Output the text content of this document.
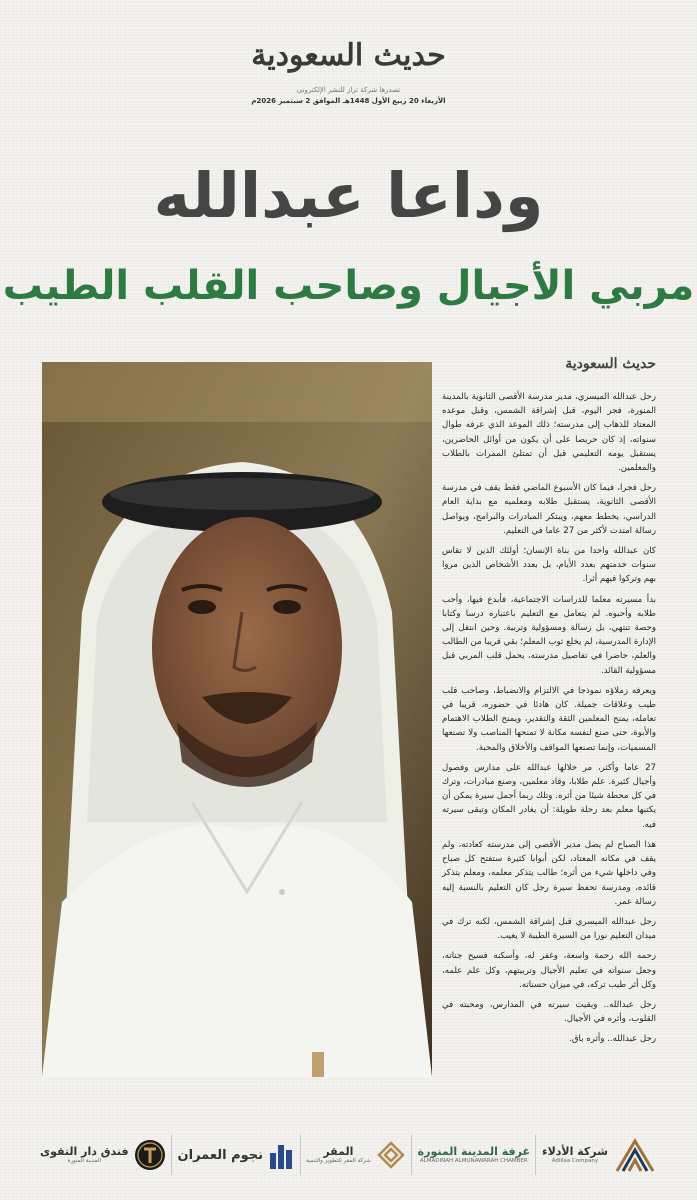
حديث السعودية
تصدرها شركة تراز للنشر الإلكتروني
الأربعاء 20 ربيع الأول 1448هـ الموافق 2 سبتمبر 2026م
وداعا عبدالله
مربي الأجيال وصاحب القلب الطيب
حديث السعودية

رحل عبدالله الميسري، مدير مدرسة الأقصى الثانوية بالمدينة المنورة، فجر اليوم، قبل إشراقة الشمس، وقبل موعده المعتاد للذهاب إلى مدرسته؛ ذلك الموعد الذي عرفه طوال سنواته، إذ كان حريصا على أن يكون من أوائل الحاضرين، يستقبل يومه التعليمي قبل أن تمتلئ الممرات بالطلاب والمعلمين.

رحل فجرا، فيما كان الأسبوع الماضي فقط يقف في مدرسة الأقصى الثانوية، يستقبل طلابه ومعلميه مع بداية العام الدراسي، يخطط معهم، ويبتكر المبادرات والبرامج، ويواصل رسالة امتدت لأكثر من 27 عاما في التعليم.

كان عبدالله واحدا من بناة الإنسان؛ أولئك الذين لا تقاس سنوات خدمتهم بعدد الأيام، بل بعدد الأشخاص الذين مروا بهم وتركوا فيهم أثرا.

بدأ مسيرته معلما للدراسات الاجتماعية، فأبدع فيها، وأحب طلابه وأحبوه. لم يتعامل مع التعليم باعتباره درسا وكتابا وحصة تنتهي، بل رسالة ومسؤولية وتربية. وحين انتقل إلى الإدارة المدرسية، لم يخلع ثوب المعلم؛ بقي قريبا من الطالب والعلم، حاضرا في تفاصيل مدرسته، يحمل قلب المربي قبل مسؤولية القائد.

ويعرفه زملاؤه نموذجا في الالتزام والانضباط، وصاحب قلب طيب وعلاقات جميلة. كان هادئا في حضوره، قريبا في تعامله، يمنح المعلمين الثقة والتقدير، ويمنح الطلاب الاهتمام والأبوة، حتى صنع لنفسه مكانة لا تمنحها المناصب ولا تصنعها المسميات، وإنما تصنعها المواقف والأخلاق والمحبة.

27 عاما وأكثر، مر خلالها عبدالله على مدارس وفصول وأجيال كثيرة. علم طلابا، وقاد معلمين، وصنع مبادرات، وترك في كل محطة شيئا من أثره. وتلك ربما أجمل سيرة يمكن أن يكتبها معلم بعد رحلة طويلة: أن يغادر المكان وتبقى سيرته فيه.

هذا الصباح لم يصل مدير الأقصى إلى مدرسته كعادته، ولم يقف في مكانه المعتاد، لكن أبوابا كثيرة ستفتح كل صباح وفي داخلها شيء من أثره؛ طالب يتذكر معلمه، ومعلم يتذكر قائده، ومدرسة تحفظ سيرة رجل كان التعليم بالنسبة إليه رسالة عمر.

رحل عبدالله الميسري قبل إشراقة الشمس، لكنه ترك في ميدان التعليم نورا من السيرة الطيبة لا يغيب.

رحمه الله رحمة واسعة، وغفر له، وأسكنه فسيح جناته، وجعل سنواته في تعليم الأجيال وتربيتهم، وكل علم علمه، وكل أثر طيب تركه، في ميزان حسناته.

رحل عبدالله.. وبقيت سيرته في المدارس، ومحبته في القلوب، وأثره في الأجيال.

رحل عبدالله.. وأثره باق.

شركة الأدلاء
Adillaa Company
غرفة المدينة المنورة
ALMADINAH ALMUNAWARAH CHAMBER
المقر
شركة المقر للتطوير والتنمية
نجوم العمران
فندق دار التقوى
المدينة المنورة
